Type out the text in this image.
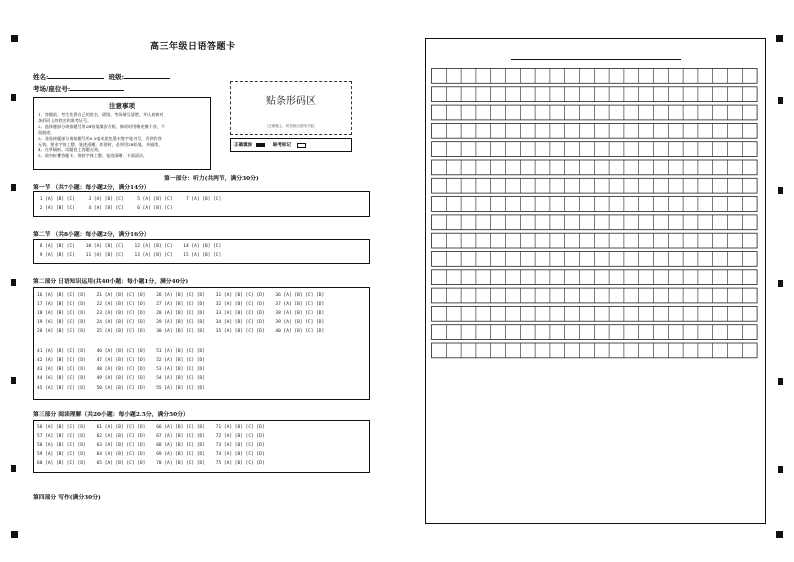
高三年级日语答题卡
姓名:	班级:
考场/座位号:
注意事项
1、答题前，考生先将自己的姓名、班级、考场填写清楚，并认真核对
条形码上的姓名和准考证号。
2、选择题部分请按题号用2B铅笔填涂方框，修改时用橡皮擦干净，不
留痕迹。
3、非选择题部分请按题号用0.5毫米黑色墨水签字笔书写，否则作答
无效。要求字体工整、笔迹清晰。作图时，必须用2B铅笔，并描浓。
4、在草稿纸、试题卷上答题无效。
5、请勿折叠答题卡，保持字体工整、笔迹清晰、卡面清洁。
贴条形码区
（正面朝上，切勿贴出虚线方框）
正确填涂	缺考标记
第一部分：听力(共两节，满分30分)
第一节 （共7小题：每小题2分，满分14分）
1 [A] [B] [C]     3 [A] [B] [C]     5 [A] [B] [C]     7 [A] [B] [C]
2 [A] [B] [C]     4 [A] [B] [C]     6 [A] [B] [C]
第二节 （共8小题：每小题2分，满分16分）
8 [A] [B] [C]    10 [A] [B] [C]    12 [A] [B] [C]    14 [A] [B] [C]
9 [A] [B] [C]    11 [A] [B] [C]    13 [A] [B] [C]    15 [A] [B] [C]
第二部分 日语知识运用(共40小题：每小题1分，满分40分)
16 [A] [B] [C] [D]    21 [A] [B] [C] [D]    26 [A] [B] [C] [D]    31 [A] [B] [C] [D]    36 [A] [B] [C] [D]
17 [A] [B] [C] [D]    22 [A] [B] [C] [D]    27 [A] [B] [C] [D]    32 [A] [B] [C] [D]    37 [A] [B] [C] [D]
18 [A] [B] [C] [D]    23 [A] [B] [C] [D]    28 [A] [B] [C] [D]    33 [A] [B] [C] [D]    38 [A] [B] [C] [D]
19 [A] [B] [C] [D]    24 [A] [B] [C] [D]    29 [A] [B] [C] [D]    34 [A] [B] [C] [D]    39 [A] [B] [C] [D]
20 [A] [B] [C] [D]    25 [A] [B] [C] [D]    30 [A] [B] [C] [D]    35 [A] [B] [C] [D]    40 [A] [B] [C] [D]
41 [A] [B] [C] [D]    46 [A] [B] [C] [D]    51 [A] [B] [C] [D]
42 [A] [B] [C] [D]    47 [A] [B] [C] [D]    52 [A] [B] [C] [D]
43 [A] [B] [C] [D]    48 [A] [B] [C] [D]    53 [A] [B] [C] [D]
44 [A] [B] [C] [D]    49 [A] [B] [C] [D]    54 [A] [B] [C] [D]
45 [A] [B] [C] [D]    50 [A] [B] [C] [D]    55 [A] [B] [C] [D]
第三部分 阅读理解（共20小题：每小题2.5分，满分50分）
56 [A] [B] [C] [D]    61 [A] [B] [C] [D]    66 [A] [B] [C] [D]    71 [A] [B] [C] [D]
57 [A] [B] [C] [D]    62 [A] [B] [C] [D]    67 [A] [B] [C] [D]    72 [A] [B] [C] [D]
58 [A] [B] [C] [D]    63 [A] [B] [C] [D]    68 [A] [B] [C] [D]    73 [A] [B] [C] [D]
59 [A] [B] [C] [D]    64 [A] [B] [C] [D]    69 [A] [B] [C] [D]    74 [A] [B] [C] [D]
60 [A] [B] [C] [D]    65 [A] [B] [C] [D]    70 [A] [B] [C] [D]    75 [A] [B] [C] [D]
第四部分 写作(满分30分)
